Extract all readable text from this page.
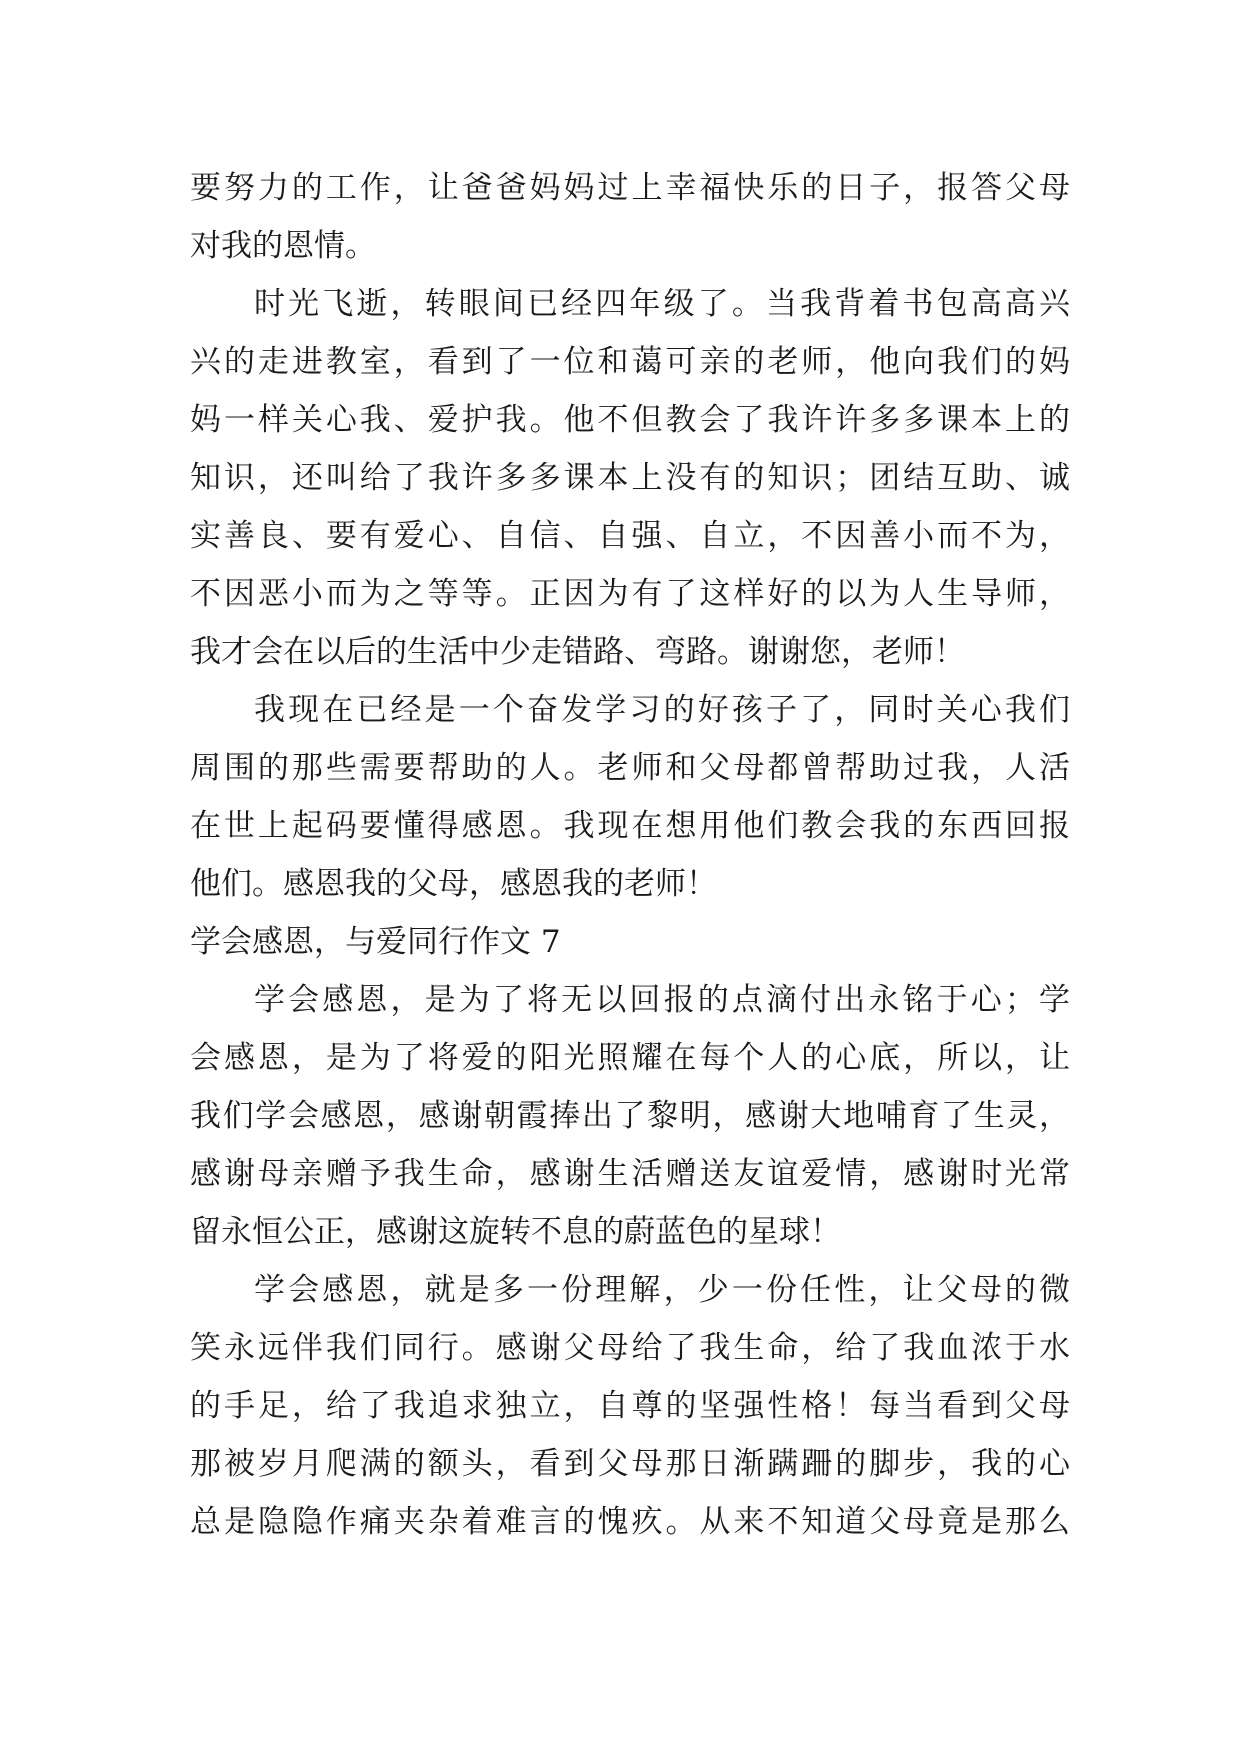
要努力的工作，让爸爸妈妈过上幸福快乐的日子，报答父母

对我的恩情。

时光飞逝，转眼间已经四年级了。当我背着书包高高兴

兴的走进教室，看到了一位和蔼可亲的老师，他向我们的妈

妈一样关心我、爱护我。他不但教会了我许许多多课本上的

知识，还叫给了我许多多课本上没有的知识；团结互助、诚

实善良、要有爱心、自信、自强、自立，不因善小而不为，

不因恶小而为之等等。正因为有了这样好的以为人生导师，

我才会在以后的生活中少走错路、弯路。谢谢您，老师！

我现在已经是一个奋发学习的好孩子了，同时关心我们

周围的那些需要帮助的人。老师和父母都曾帮助过我，人活

在世上起码要懂得感恩。我现在想用他们教会我的东西回报

他们。感恩我的父母，感恩我的老师！

学会感恩，与爱同行作文 7

学会感恩，是为了将无以回报的点滴付出永铭于心；学

会感恩，是为了将爱的阳光照耀在每个人的心底，所以，让

我们学会感恩，感谢朝霞捧出了黎明，感谢大地哺育了生灵，

感谢母亲赠予我生命，感谢生活赠送友谊爱情，感谢时光常

留永恒公正，感谢这旋转不息的蔚蓝色的星球！

学会感恩，就是多一份理解，少一份任性，让父母的微

笑永远伴我们同行。感谢父母给了我生命，给了我血浓于水

的手足，给了我追求独立，自尊的坚强性格！每当看到父母

那被岁月爬满的额头，看到父母那日渐蹒跚的脚步，我的心

总是隐隐作痛夹杂着难言的愧疚。从来不知道父母竟是那么
